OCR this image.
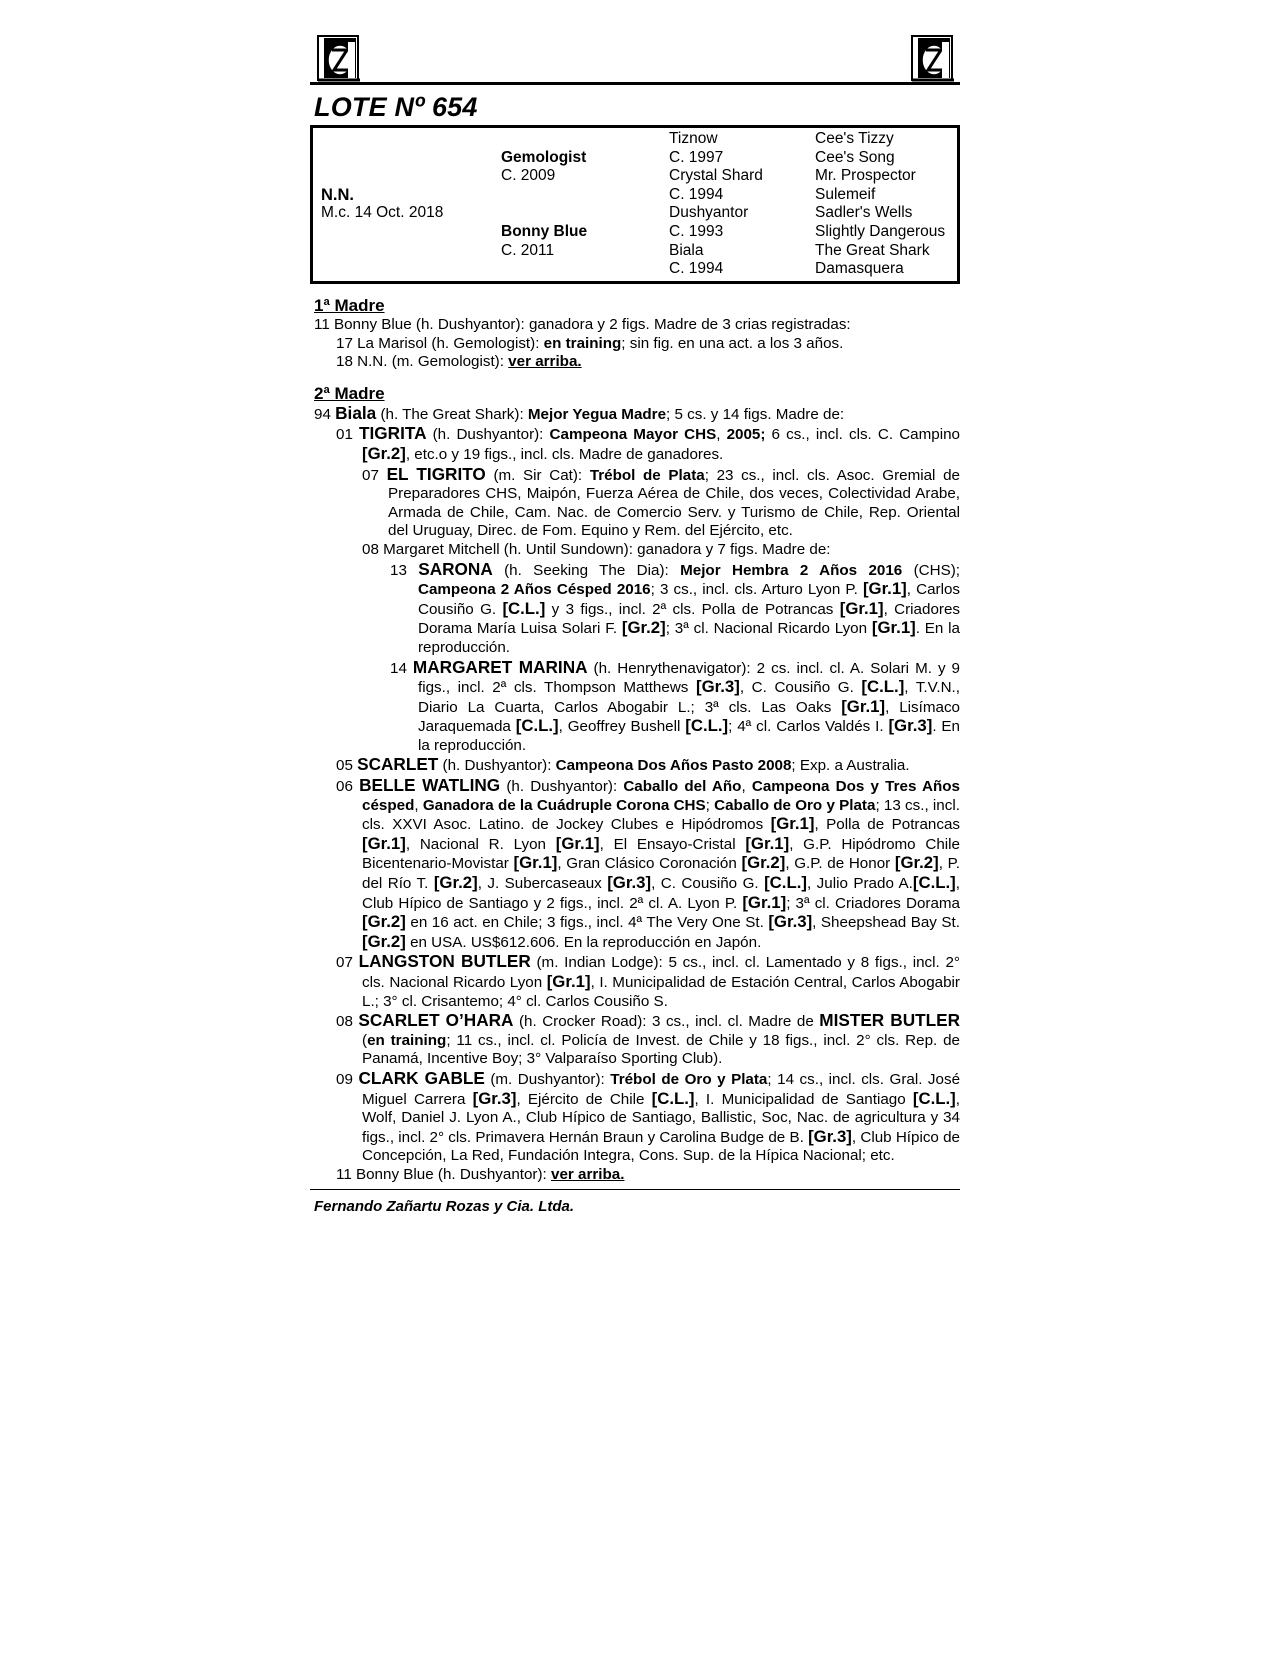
LOTE Nº 654
N.N.
M.c. 14 Oct. 2018
Gemologist
C. 2009
Bonny Blue
C. 2011
Tiznow
C. 1997
Crystal Shard
C. 1994
Dushyantor
C. 1993
Biala
C. 1994
Cee's Tizzy
Cee's Song
Mr. Prospector
Sulemeif
Sadler's Wells
Slightly Dangerous
The Great Shark
Damasquera
1ª Madre
11 Bonny Blue (h. Dushyantor): ganadora y 2 figs. Madre de 3 crias registradas:
17 La Marisol (h. Gemologist): en training; sin fig. en una act. a los 3 años.
18 N.N. (m. Gemologist): ver arriba.
2ª Madre
94 Biala (h. The Great Shark): Mejor Yegua Madre; 5 cs. y 14 figs. Madre de:
01 TIGRITA (h. Dushyantor): Campeona Mayor CHS, 2005; 6 cs., incl. cls. C. Campino [Gr.2], etc.o y 19 figs., incl. cls. Madre de ganadores.
07 EL TIGRITO (m. Sir Cat): Trébol de Plata; 23 cs., incl. cls. Asoc. Gremial de Preparadores CHS, Maipón, Fuerza Aérea de Chile, dos veces, Colectividad Arabe, Armada de Chile, Cam. Nac. de Comercio Serv. y Turismo de Chile, Rep. Oriental del Uruguay, Direc. de Fom. Equino y Rem. del Ejército, etc.
08 Margaret Mitchell (h. Until Sundown): ganadora y 7 figs. Madre de:
13 SARONA (h. Seeking The Dia): Mejor Hembra 2 Años 2016 (CHS); Campeona 2 Años Césped 2016; 3 cs., incl. cls. Arturo Lyon P. [Gr.1], Carlos Cousiño G. [C.L.] y 3 figs., incl. 2ª cls. Polla de Potrancas [Gr.1], Criadores Dorama María Luisa Solari F. [Gr.2]; 3ª cl. Nacional Ricardo Lyon [Gr.1]. En la reproducción.
14 MARGARET MARINA (h. Henrythenavigator): 2 cs. incl. cl. A. Solari M. y 9 figs., incl. 2ª cls. Thompson Matthews [Gr.3], C. Cousiño G. [C.L.], T.V.N., Diario La Cuarta, Carlos Abogabir L.; 3ª cls. Las Oaks [Gr.1], Lisímaco Jaraquemada [C.L.], Geoffrey Bushell [C.L.]; 4ª cl. Carlos Valdés I. [Gr.3]. En la reproducción.
05 SCARLET (h. Dushyantor): Campeona Dos Años Pasto 2008; Exp. a Australia.
06 BELLE WATLING (h. Dushyantor): Caballo del Año, Campeona Dos y Tres Años césped, Ganadora de la Cuádruple Corona CHS; Caballo de Oro y Plata; 13 cs., incl. cls. XXVI Asoc. Latino. de Jockey Clubes e Hipódromos [Gr.1], Polla de Potrancas [Gr.1], Nacional R. Lyon [Gr.1], El Ensayo-Cristal [Gr.1], G.P. Hipódromo Chile Bicentenario-Movistar [Gr.1], Gran Clásico Coronación [Gr.2], G.P. de Honor [Gr.2], P. del Río T. [Gr.2], J. Subercaseaux [Gr.3], C. Cousiño G. [C.L.], Julio Prado A.[C.L.], Club Hípico de Santiago y 2 figs., incl. 2ª cl. A. Lyon P. [Gr.1]; 3ª cl. Criadores Dorama [Gr.2] en 16 act. en Chile; 3 figs., incl. 4ª The Very One St. [Gr.3], Sheepshead Bay St. [Gr.2] en USA. US$612.606. En la reproducción en Japón.
07 LANGSTON BUTLER (m. Indian Lodge): 5 cs., incl. cl. Lamentado y 8 figs., incl. 2° cls. Nacional Ricardo Lyon [Gr.1], I. Municipalidad de Estación Central, Carlos Abogabir L.; 3° cl. Crisantemo; 4° cl. Carlos Cousiño S.
08 SCARLET O’HARA (h. Crocker Road): 3 cs., incl. cl. Madre de MISTER BUTLER (en training; 11 cs., incl. cl. Policía de Invest. de Chile y 18 figs., incl. 2° cls. Rep. de Panamá, Incentive Boy; 3° Valparaíso Sporting Club).
09 CLARK GABLE (m. Dushyantor): Trébol de Oro y Plata; 14 cs., incl. cls. Gral. José Miguel Carrera [Gr.3], Ejército de Chile [C.L.], I. Municipalidad de Santiago [C.L.], Wolf, Daniel J. Lyon A., Club Hípico de Santiago, Ballistic, Soc, Nac. de agricultura y 34 figs., incl. 2° cls. Primavera Hernán Braun y Carolina Budge de B. [Gr.3], Club Hípico de Concepción, La Red, Fundación Integra, Cons. Sup. de la Hípica Nacional; etc.
11 Bonny Blue (h. Dushyantor): ver arriba.
Fernando Zañartu Rozas y Cia. Ltda.
